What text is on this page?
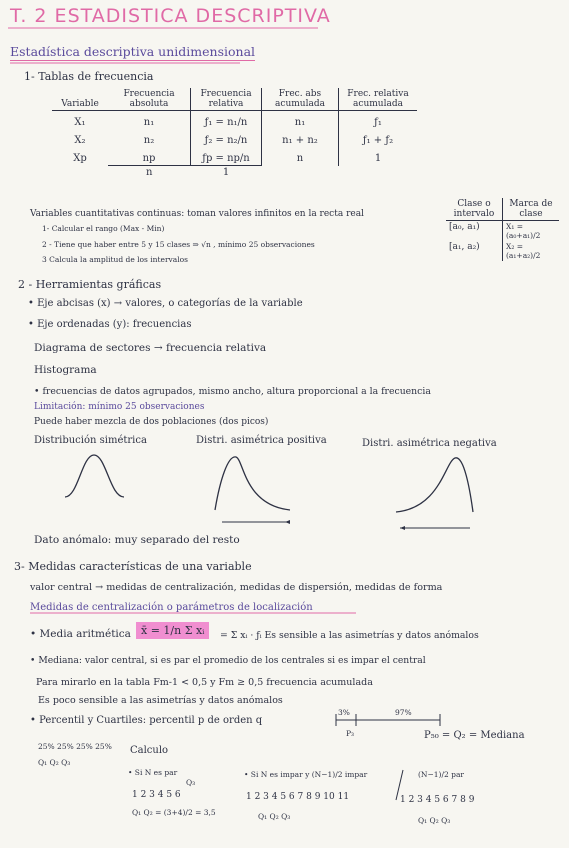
T. 2 ESTADISTICA DESCRIPTIVA
Estadística descriptiva unidimensional
1- Tablas de frecuencia
Variable	Frecuencia absoluta	Frecuencia relativa	Frec. abs acumulada	Frec. relativa acumulada
X₁	n₁	ƒ₁ = n₁/n	n₁	ƒ₁
X₂	n₂	ƒ₂ = n₂/n	n₁ + n₂	ƒ₁ + ƒ₂
Xp	np	ƒp = np/n	n	1
	n	1		
Clase o intervalo	Marca de clase
[a₀, a₁)	X₁ = (a₀+a₁)/2
[a₁, a₂)	X₂ = (a₁+a₂)/2
Variables cuantitativas continuas: toman valores infinitos en la recta real
1- Calcular el rango (Max - Min)
2 - Tiene que haber entre 5 y 15 clases ⇒ √n , mínimo 25 observaciones
3 Calcula la amplitud de los intervalos
2 - Herramientas gráficas
• Eje abcisas (x) → valores, o categorías de la variable
• Eje ordenadas (y): frecuencias
Diagrama de sectores → frecuencia relativa
Histograma
• frecuencias de datos agrupados, mismo ancho, altura proporcional a la frecuencia
Limitación: mínimo 25 observaciones
Puede haber mezcla de dos poblaciones (dos picos)
Distribución simétrica	Distri. asimétrica positiva	Distri. asimétrica negativa
Dato anómalo: muy separado del resto
3- Medidas características de una variable
valor central → medidas de centralización, medidas de dispersión, medidas de forma
Medidas de centralización o parámetros de localización
• Media aritmética x̄ = 1/n Σ xᵢ	= Σ xᵢ · ƒᵢ Es sensible a las asimetrías y datos anómalos
• Mediana: valor central, si es par el promedio de los centrales si es impar el central
Para mirarlo en la tabla Fm-1 < 0,5 y Fm ≥ 0,5 frecuencia acumulada
Es poco sensible a las asimetrías y datos anómalos
• Percentil y Cuartiles: percentil p de orden q
3%	97%
P₃	P₅₀ = Q₂ = Mediana
25% 25% 25% 25%
Q₁ Q₂ Q₃
Calculo
• Si N es par
Q₃
1 2 3 4 5 6
Q₁ Q₂ = (3+4)/2 = 3,5
• Si N es impar y (N−1)/2 impar
1 2 3 4 5 6 7 8 9 10 11
Q₁ Q₂ Q₃
(N−1)/2 par
1 2 3 4 5 6 7 8 9
Q₁ Q₂ Q₃
